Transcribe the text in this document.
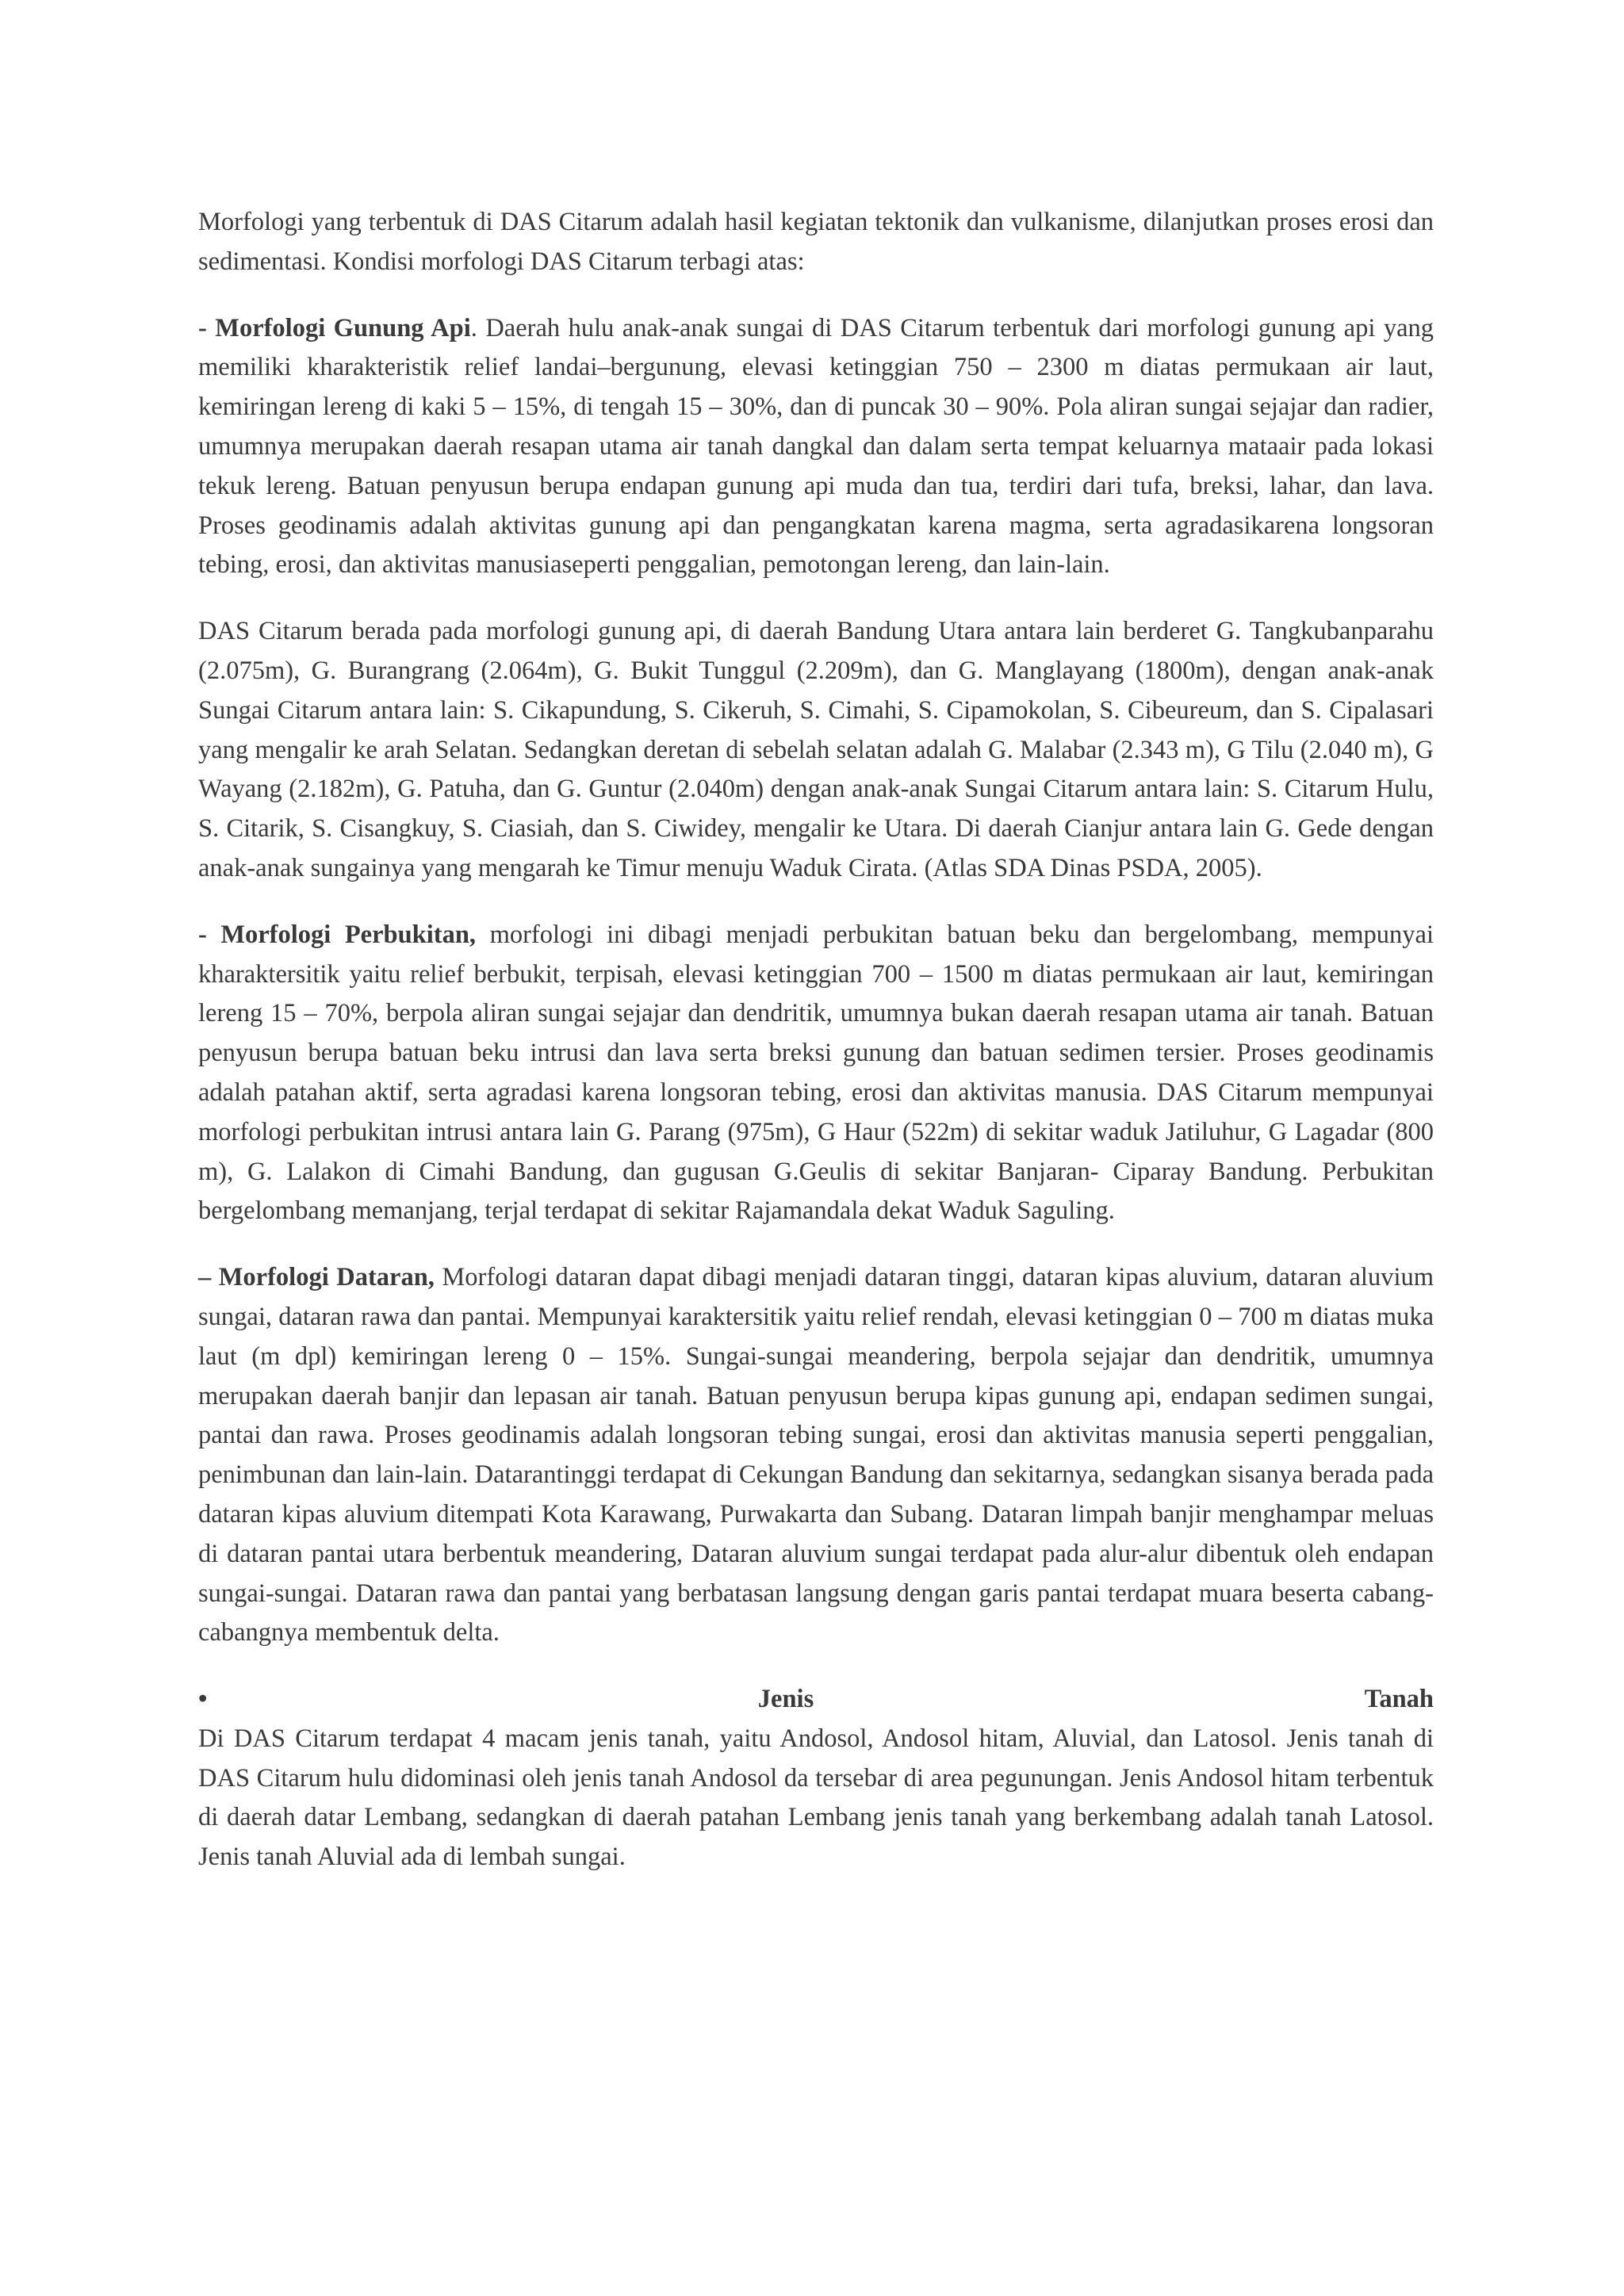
Morfologi yang terbentuk di DAS Citarum adalah hasil kegiatan tektonik dan vulkanisme, dilanjutkan proses erosi dan sedimentasi. Kondisi morfologi DAS Citarum terbagi atas:

- Morfologi Gunung Api. Daerah hulu anak-anak sungai di DAS Citarum terbentuk dari morfologi gunung api yang memiliki kharakteristik relief landai–bergunung, elevasi ketinggian 750 – 2300 m diatas permukaan air laut, kemiringan lereng di kaki 5 – 15%, di tengah 15 – 30%, dan di puncak 30 – 90%. Pola aliran sungai sejajar dan radier, umumnya merupakan daerah resapan utama air tanah dangkal dan dalam serta tempat keluarnya mataair pada lokasi tekuk lereng. Batuan penyusun berupa endapan gunung api muda dan tua, terdiri dari tufa, breksi, lahar, dan lava. Proses geodinamis adalah aktivitas gunung api dan pengangkatan karena magma, serta agradasikarena longsoran tebing, erosi, dan aktivitas manusiaseperti penggalian, pemotongan lereng, dan lain-lain.

DAS Citarum berada pada morfologi gunung api, di daerah Bandung Utara antara lain berderet G. Tangkubanparahu (2.075m), G. Burangrang (2.064m), G. Bukit Tunggul (2.209m), dan G. Manglayang (1800m), dengan anak-anak Sungai Citarum antara lain: S. Cikapundung, S. Cikeruh, S. Cimahi, S. Cipamokolan, S. Cibeureum, dan S. Cipalasari yang mengalir ke arah Selatan. Sedangkan deretan di sebelah selatan adalah G. Malabar (2.343 m), G Tilu (2.040 m), G Wayang (2.182m), G. Patuha, dan G. Guntur (2.040m) dengan anak-anak Sungai Citarum antara lain: S. Citarum Hulu, S. Citarik, S. Cisangkuy, S. Ciasiah, dan S. Ciwidey, mengalir ke Utara. Di daerah Cianjur antara lain G. Gede dengan anak-anak sungainya yang mengarah ke Timur menuju Waduk Cirata. (Atlas SDA Dinas PSDA, 2005).

- Morfologi Perbukitan, morfologi ini dibagi menjadi perbukitan batuan beku dan bergelombang, mempunyai kharaktersitik yaitu relief berbukit, terpisah, elevasi ketinggian 700 – 1500 m diatas permukaan air laut, kemiringan lereng 15 – 70%, berpola aliran sungai sejajar dan dendritik, umumnya bukan daerah resapan utama air tanah. Batuan penyusun berupa batuan beku intrusi dan lava serta breksi gunung dan batuan sedimen tersier. Proses geodinamis adalah patahan aktif, serta agradasi karena longsoran tebing, erosi dan aktivitas manusia. DAS Citarum mempunyai morfologi perbukitan intrusi antara lain G. Parang (975m), G Haur (522m) di sekitar waduk Jatiluhur, G Lagadar (800 m), G. Lalakon di Cimahi Bandung, dan gugusan G.Geulis di sekitar Banjaran- Ciparay Bandung. Perbukitan bergelombang memanjang, terjal terdapat di sekitar Rajamandala dekat Waduk Saguling.

– Morfologi Dataran, Morfologi dataran dapat dibagi menjadi dataran tinggi, dataran kipas aluvium, dataran aluvium sungai, dataran rawa dan pantai. Mempunyai karaktersitik yaitu relief rendah, elevasi ketinggian 0 – 700 m diatas muka laut (m dpl) kemiringan lereng 0 – 15%. Sungai-sungai meandering, berpola sejajar dan dendritik, umumnya merupakan daerah banjir dan lepasan air tanah. Batuan penyusun berupa kipas gunung api, endapan sedimen sungai, pantai dan rawa. Proses geodinamis adalah longsoran tebing sungai, erosi dan aktivitas manusia seperti penggalian, penimbunan dan lain-lain. Datarantinggi terdapat di Cekungan Bandung dan sekitarnya, sedangkan sisanya berada pada dataran kipas aluvium ditempati Kota Karawang, Purwakarta dan Subang. Dataran limpah banjir menghampar meluas di dataran pantai utara berbentuk meandering, Dataran aluvium sungai terdapat pada alur-alur dibentuk oleh endapan sungai-sungai. Dataran rawa dan pantai yang berbatasan langsung dengan garis pantai terdapat muara beserta cabang-cabangnya membentuk delta.

•	Jenis	Tanah

Di DAS Citarum terdapat 4 macam jenis tanah, yaitu Andosol, Andosol hitam, Aluvial, dan Latosol. Jenis tanah di DAS Citarum hulu didominasi oleh jenis tanah Andosol da tersebar di area pegunungan. Jenis Andosol hitam terbentuk di daerah datar Lembang, sedangkan di daerah patahan Lembang jenis tanah yang berkembang adalah tanah Latosol. Jenis tanah Aluvial ada di lembah sungai.
